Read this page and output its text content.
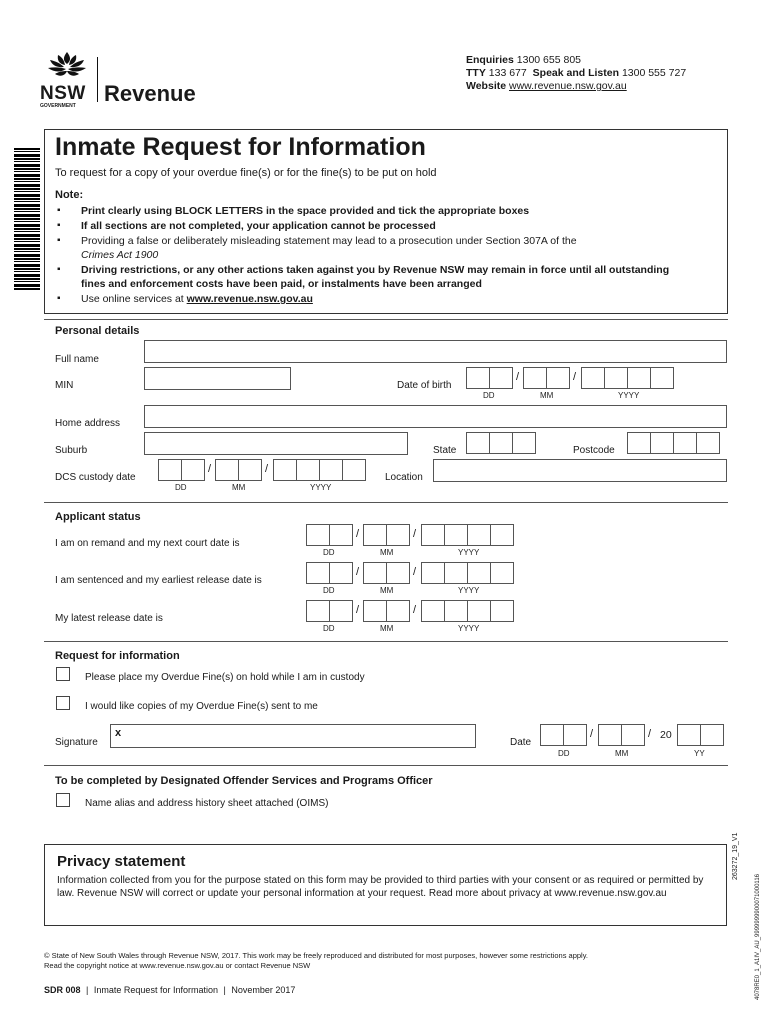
NSW
GOVERNMENT	Revenue
Enquiries 1300 655 805
TTY 133 677 Speak and Listen 1300 555 727
Website www.revenue.nsw.gov.au
Inmate Request for Information
To request for a copy of your overdue fine(s) or for the fine(s) to be put on hold
Note:
▪ Print clearly using BLOCK LETTERS in the space provided and tick the appropriate boxes
▪ If all sections are not completed, your application cannot be processed
▪ Providing a false or deliberately misleading statement may lead to a prosecution under Section 307A of the
Crimes Act 1900
▪ Driving restrictions, or any other actions taken against you by Revenue NSW may remain in force until all outstanding fines and enforcement costs have been paid, or instalments have been arranged
▪ Use online services at www.revenue.nsw.gov.au
Personal details
Full name
MIN	Date of birth
/	/
DD	MM	YYYY
Home address
Suburb	State	Postcode
DCS custody date
/	/
DD	MM	YYYY
Location
Applicant status
I am on remand and my next court date is
/	/
DD	MM	YYYY
I am sentenced and my earliest release date is
/	/
DD	MM	YYYY
My latest release date is
/	/
DD	MM	YYYY
Request for information
Please place my Overdue Fine(s) on hold while I am in custody
I would like copies of my Overdue Fine(s) sent to me
Signature
x
Date
/	/ 20
DD	MM	YY
To be completed by Designated Offender Services and Programs Officer
Name alias and address history sheet attached (OIMS)
Privacy statement
Information collected from you for the purpose stated on this form may be provided to third parties with your consent or as required or permitted by law. Revenue NSW will correct or update your personal information at your request. Read more about privacy at www.revenue.nsw.gov.au
263272_19_V1
4078RE0_1_A1IV_AU_9999999900071000116
© State of New South Wales through Revenue NSW, 2017. This work may be freely reproduced and distributed for most purposes, however some restrictions apply.
Read the copyright notice at www.revenue.nsw.gov.au or contact Revenue NSW
SDR 008 | Inmate Request for Information | November 2017
